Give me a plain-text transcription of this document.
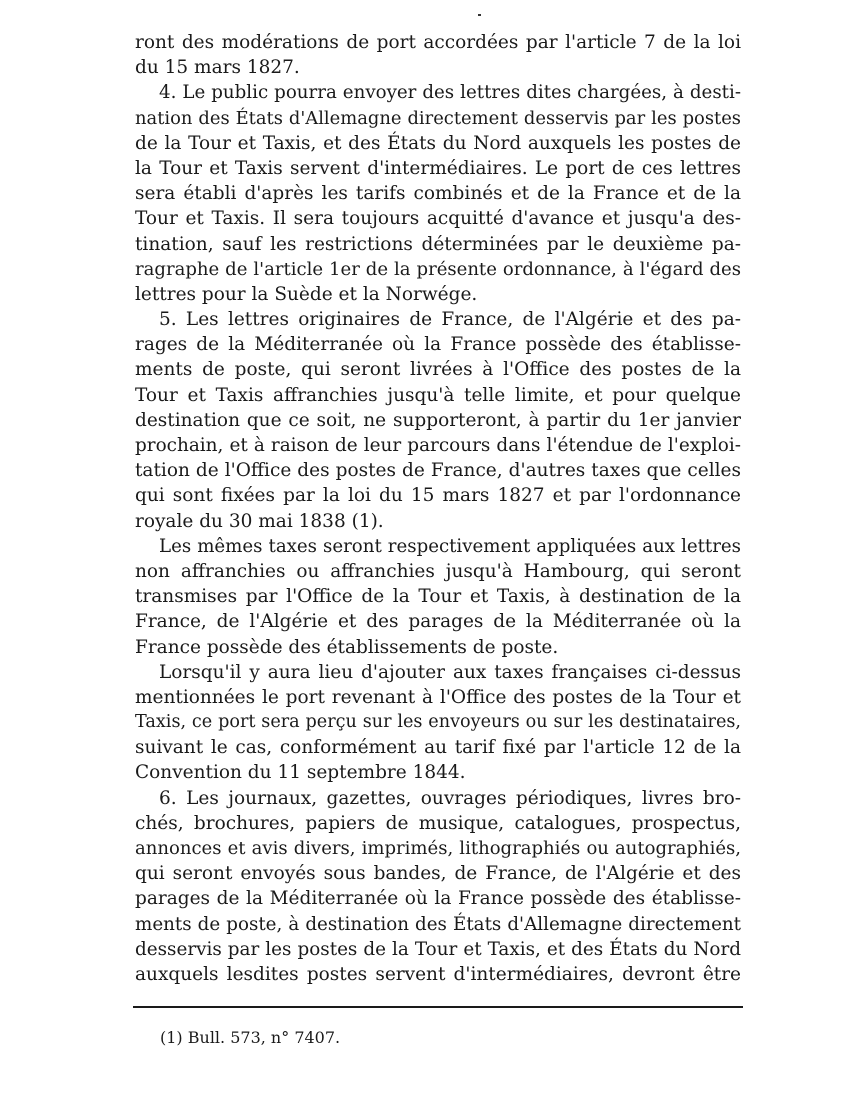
ront des modérations de port accordées par l'article 7 de la loi
du 15 mars 1827.
4. Le public pourra envoyer des lettres dites chargées, à desti-
nation des États d'Allemagne directement desservis par les postes
de la Tour et Taxis, et des États du Nord auxquels les postes de
la Tour et Taxis servent d'intermédiaires. Le port de ces lettres
sera établi d'après les tarifs combinés et de la France et de la
Tour et Taxis. Il sera toujours acquitté d'avance et jusqu'a des-
tination, sauf les restrictions déterminées par le deuxième pa-
ragraphe de l'article 1er de la présente ordonnance, à l'égard des
lettres pour la Suède et la Norwége.
5. Les lettres originaires de France, de l'Algérie et des pa-
rages de la Méditerranée où la France possède des établisse-
ments de poste, qui seront livrées à l'Office des postes de la
Tour et Taxis affranchies jusqu'à telle limite, et pour quelque
destination que ce soit, ne supporteront, à partir du 1er janvier
prochain, et à raison de leur parcours dans l'étendue de l'exploi-
tation de l'Office des postes de France, d'autres taxes que celles
qui sont fixées par la loi du 15 mars 1827 et par l'ordonnance
royale du 30 mai 1838 (1).
Les mêmes taxes seront respectivement appliquées aux lettres
non affranchies ou affranchies jusqu'à Hambourg, qui seront
transmises par l'Office de la Tour et Taxis, à destination de la
France, de l'Algérie et des parages de la Méditerranée où la
France possède des établissements de poste.
Lorsqu'il y aura lieu d'ajouter aux taxes françaises ci-dessus
mentionnées le port revenant à l'Office des postes de la Tour et
Taxis, ce port sera perçu sur les envoyeurs ou sur les destinataires,
suivant le cas, conformément au tarif fixé par l'article 12 de la
Convention du 11 septembre 1844.
6. Les journaux, gazettes, ouvrages périodiques, livres bro-
chés, brochures, papiers de musique, catalogues, prospectus,
annonces et avis divers, imprimés, lithographiés ou autographiés,
qui seront envoyés sous bandes, de France, de l'Algérie et des
parages de la Méditerranée où la France possède des établisse-
ments de poste, à destination des États d'Allemagne directement
desservis par les postes de la Tour et Taxis, et des États du Nord
auxquels lesdites postes servent d'intermédiaires, devront être
(1) Bull. 573, n° 7407.
